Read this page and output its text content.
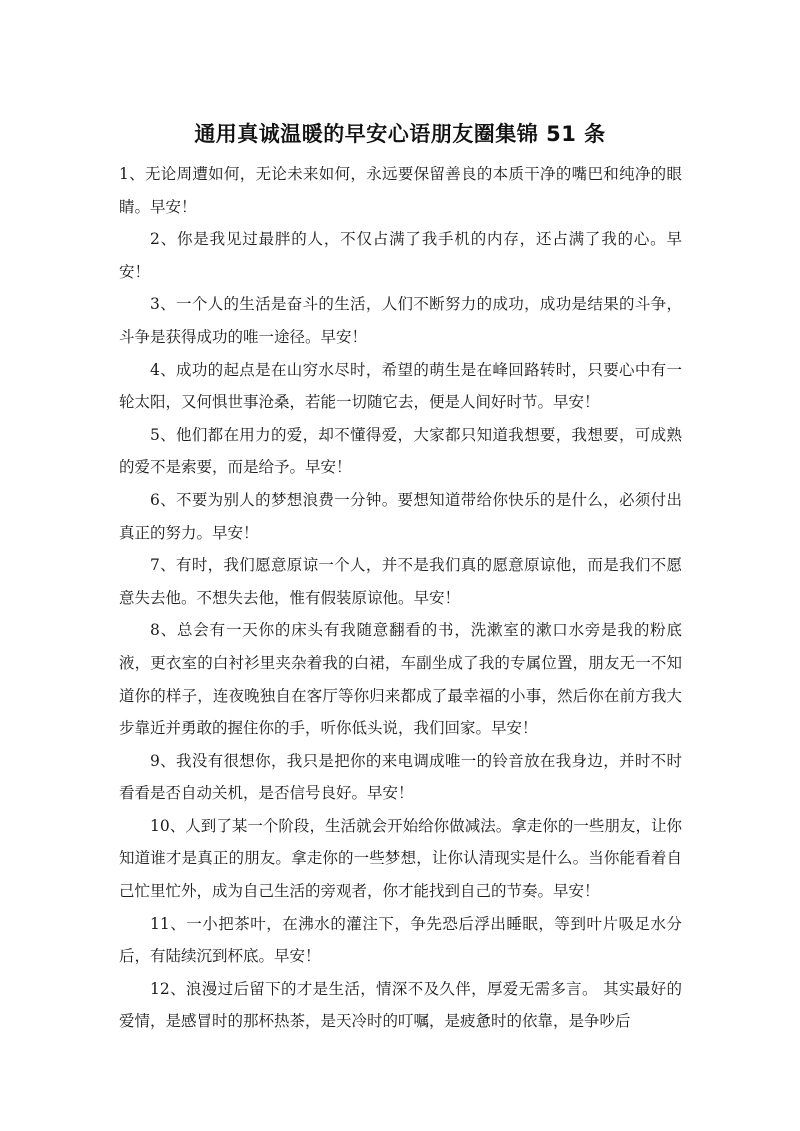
通用真诚温暖的早安心语朋友圈集锦 51 条

1、无论周遭如何，无论未来如何，永远要保留善良的本质干净的嘴巴和纯净的眼睛。早安！

2、你是我见过最胖的人，不仅占满了我手机的内存，还占满了我的心。早安！

3、一个人的生活是奋斗的生活，人们不断努力的成功，成功是结果的斗争，斗争是获得成功的唯一途径。早安！

4、成功的起点是在山穷水尽时，希望的萌生是在峰回路转时，只要心中有一轮太阳，又何惧世事沧桑，若能一切随它去，便是人间好时节。早安！

5、他们都在用力的爱，却不懂得爱，大家都只知道我想要，我想要，可成熟的爱不是索要，而是给予。早安！

6、不要为别人的梦想浪费一分钟。要想知道带给你快乐的是什么，必须付出真正的努力。早安！

7、有时，我们愿意原谅一个人，并不是我们真的愿意原谅他，而是我们不愿意失去他。不想失去他，惟有假装原谅他。早安！

8、总会有一天你的床头有我随意翻看的书，洗漱室的漱口水旁是我的粉底液，更衣室的白衬衫里夹杂着我的白裙，车副坐成了我的专属位置，朋友无一不知道你的样子，连夜晚独自在客厅等你归来都成了最幸福的小事，然后你在前方我大步靠近并勇敢的握住你的手，听你低头说，我们回家。早安！

9、我没有很想你，我只是把你的来电调成唯一的铃音放在我身边，并时不时看看是否自动关机，是否信号良好。早安！

10、人到了某一个阶段，生活就会开始给你做减法。拿走你的一些朋友，让你知道谁才是真正的朋友。拿走你的一些梦想，让你认清现实是什么。当你能看着自己忙里忙外，成为自己生活的旁观者，你才能找到自己的节奏。早安！

11、一小把茶叶，在沸水的灌注下，争先恐后浮出睡眠，等到叶片吸足水分后，有陆续沉到杯底。早安！

12、浪漫过后留下的才是生活，情深不及久伴，厚爱无需多言。 其实最好的爱情，是感冒时的那杯热茶，是天冷时的叮嘱，是疲惫时的依靠，是争吵后
